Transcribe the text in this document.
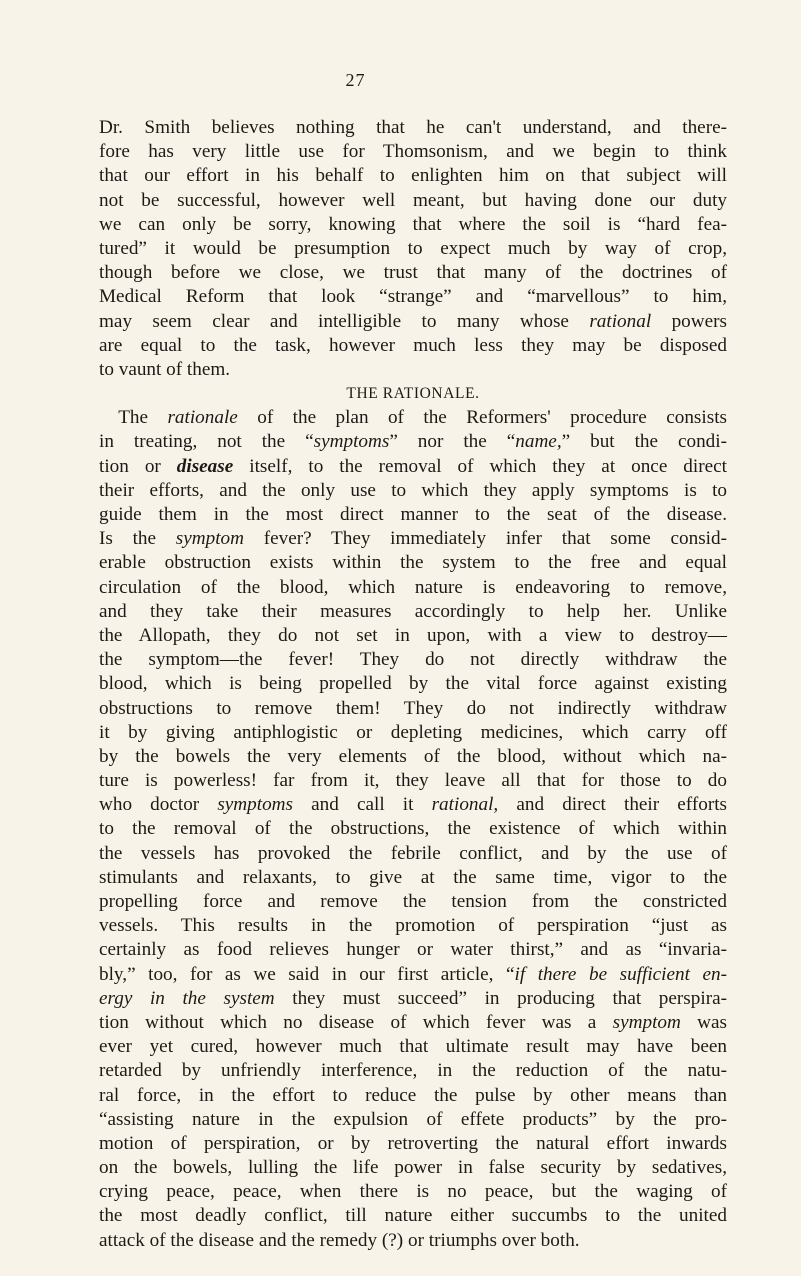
27
Dr. Smith believes nothing that he can't understand, and there-
fore has very little use for Thomsonism, and we begin to think
that our effort in his behalf to enlighten him on that subject will
not be successful, however well meant, but having done our duty
we can only be sorry, knowing that where the soil is “hard fea-
tured” it would be presumption to expect much by way of crop,
though before we close, we trust that many of the doctrines of
Medical Reform that look “strange” and “marvellous” to him,
may seem clear and intelligible to many whose rational powers
are equal to the task, however much less they may be disposed
to vaunt of them.
THE RATIONALE.
  The rationale of the plan of the Reformers' procedure consists
in treating, not the “symptoms” nor the “name,” but the condi-
tion or disease itself, to the removal of which they at once direct
their efforts, and the only use to which they apply symptoms is to
guide them in the most direct manner to the seat of the disease.
Is the symptom fever? They immediately infer that some consid-
erable obstruction exists within the system to the free and equal
circulation of the blood, which nature is endeavoring to remove,
and they take their measures accordingly to help her. Unlike
the Allopath, they do not set in upon, with a view to destroy—
the symptom—the fever! They do not directly withdraw the
blood, which is being propelled by the vital force against existing
obstructions to remove them! They do not indirectly withdraw
it by giving antiphlogistic or depleting medicines, which carry off
by the bowels the very elements of the blood, without which na-
ture is powerless! far from it, they leave all that for those to do
who doctor symptoms and call it rational, and direct their efforts
to the removal of the obstructions, the existence of which within
the vessels has provoked the febrile conflict, and by the use of
stimulants and relaxants, to give at the same time, vigor to the
propelling force and remove the tension from the constricted
vessels. This results in the promotion of perspiration “just as
certainly as food relieves hunger or water thirst,” and as “invaria-
bly,” too, for as we said in our first article, “if there be sufficient en-
ergy in the system they must succeed” in producing that perspira-
tion without which no disease of which fever was a symptom was
ever yet cured, however much that ultimate result may have been
retarded by unfriendly interference, in the reduction of the natu-
ral force, in the effort to reduce the pulse by other means than
“assisting nature in the expulsion of effete products” by the pro-
motion of perspiration, or by retroverting the natural effort inwards
on the bowels, lulling the life power in false security by sedatives,
crying peace, peace, when there is no peace, but the waging of
the most deadly conflict, till nature either succumbs to the united
attack of the disease and the remedy (?) or triumphs over both.
